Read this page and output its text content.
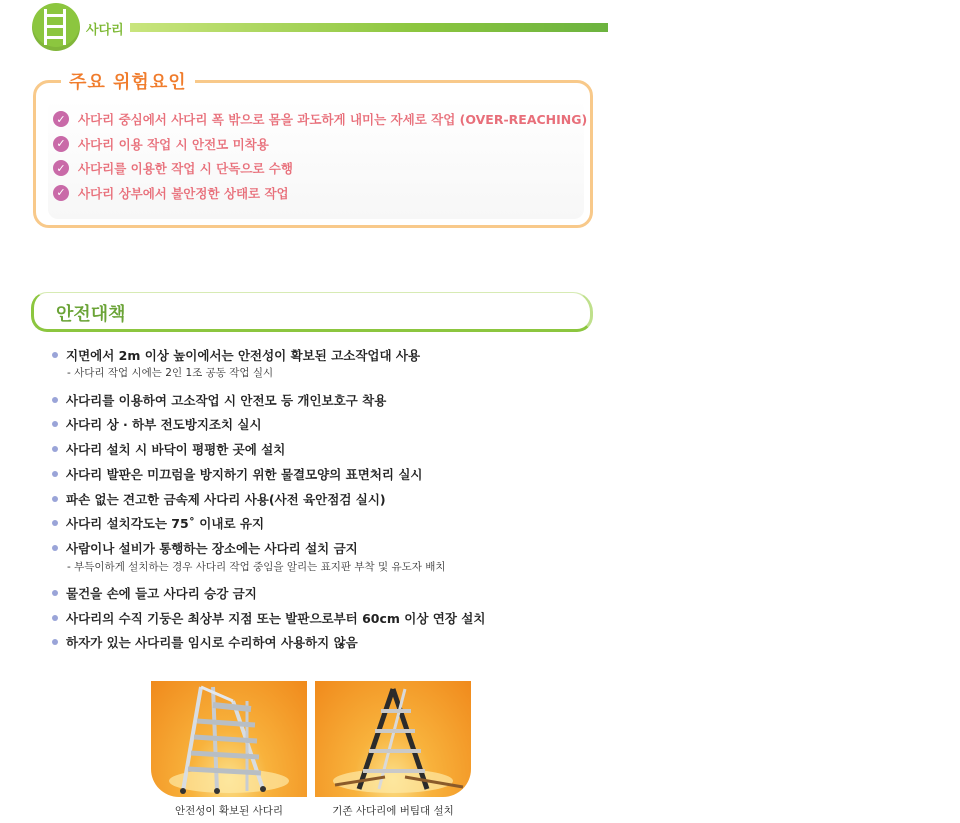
사다리
주요 위험요인
✓ 사다리 중심에서 사다리 폭 밖으로 몸을 과도하게 내미는 자세로 작업 (OVER-REACHING)
✓ 사다리 이용 작업 시 안전모 미착용
✓ 사다리를 이용한 작업 시 단독으로 수행
✓ 사다리 상부에서 불안정한 상태로 작업
안전대책
지면에서 2m 이상 높이에서는 안전성이 확보된 고소작업대 사용
- 사다리 작업 시에는 2인 1조 공동 작업 실시
사다리를 이용하여 고소작업 시 안전모 등 개인보호구 착용
사다리 상 · 하부 전도방지조치 실시
사다리 설치 시 바닥이 평평한 곳에 설치
사다리 발판은 미끄럼을 방지하기 위한 물결모양의 표면처리 실시
파손 없는 견고한 금속제 사다리 사용(사전 육안점검 실시)
사다리 설치각도는 75˚ 이내로 유지
사람이나 설비가 통행하는 장소에는 사다리 설치 금지
- 부득이하게 설치하는 경우 사다리 작업 중임을 알리는 표지판 부착 및 유도자 배치
물건을 손에 들고 사다리 승강 금지
사다리의 수직 기둥은 최상부 지점 또는 발판으로부터 60cm 이상 연장 설치
하자가 있는 사다리를 임시로 수리하여 사용하지 않음
안전성이 확보된 사다리	기존 사다리에 버팀대 설치
